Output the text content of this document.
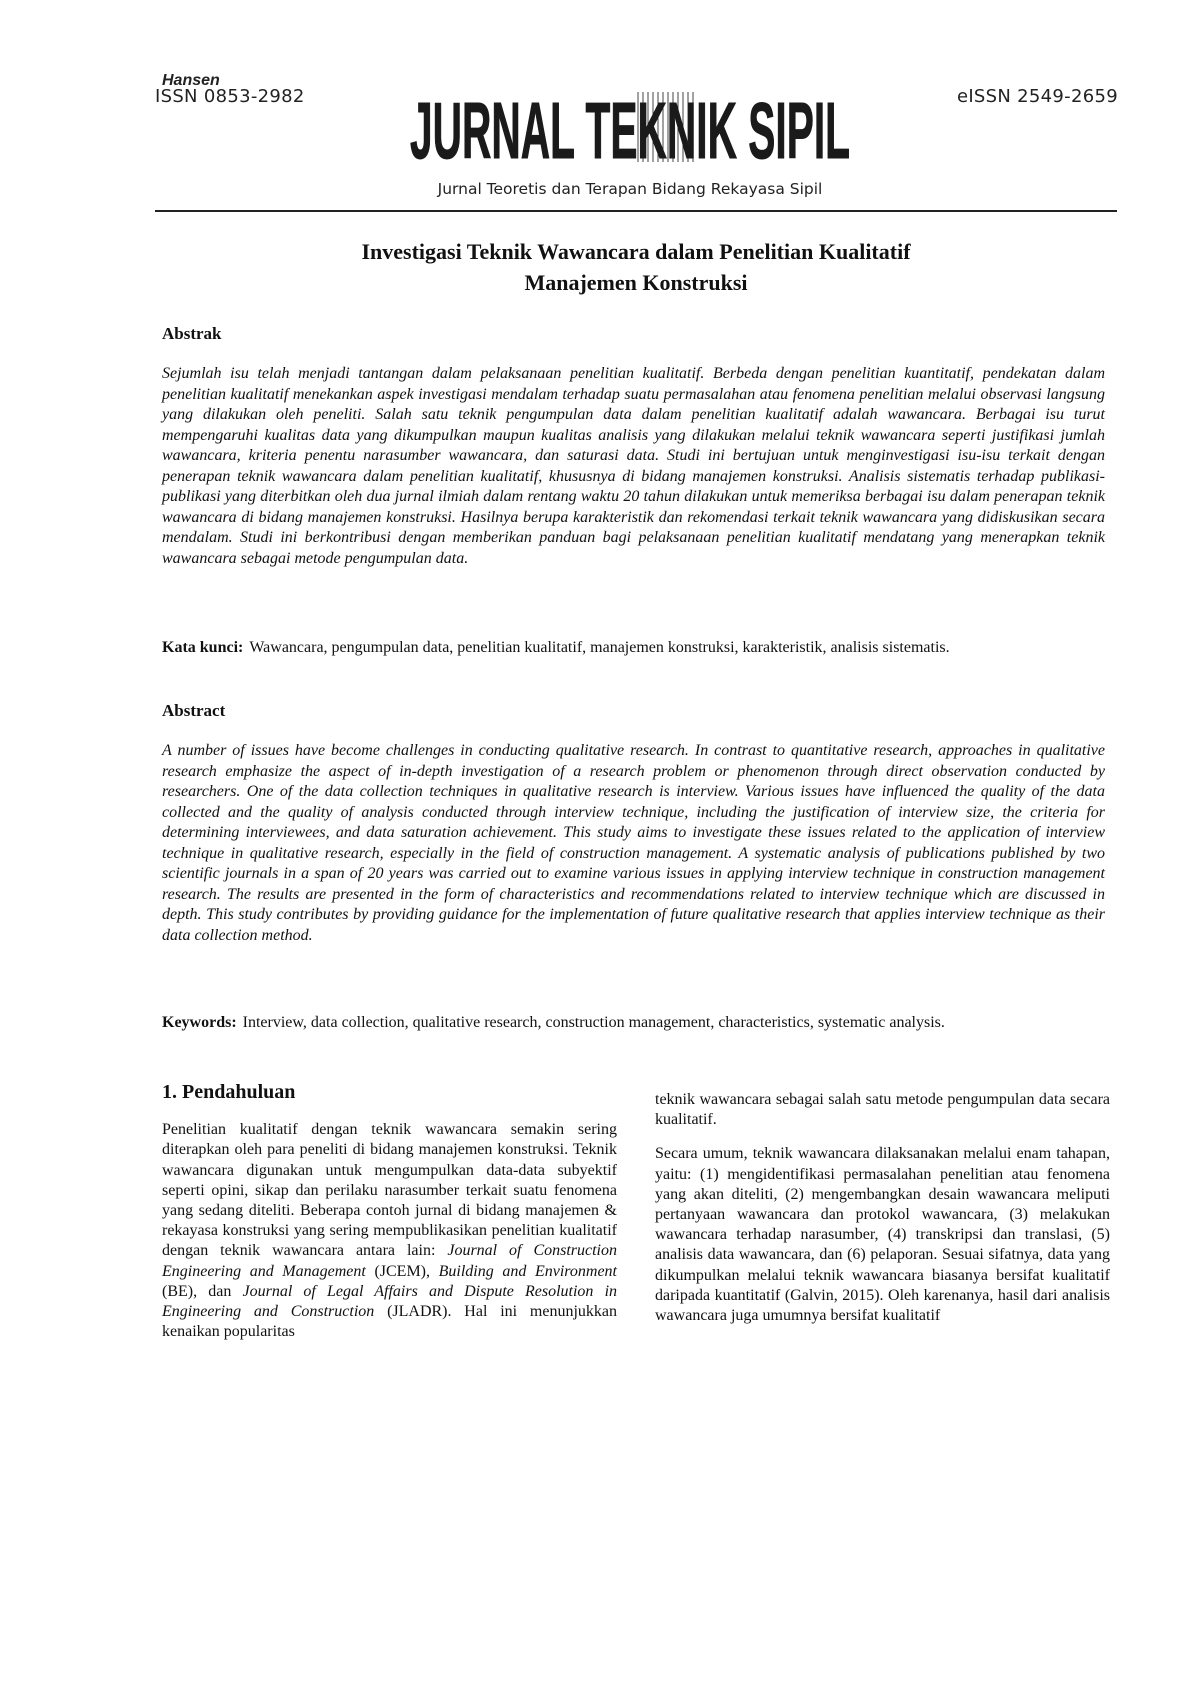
Hansen
ISSN 0853-2982	eISSN 2549-2659
JURNAL TEKNIK SIPIL
Jurnal Teoretis dan Terapan Bidang Rekayasa Sipil
Investigasi Teknik Wawancara dalam Penelitian Kualitatif
Manajemen Konstruksi
Abstrak
Sejumlah isu telah menjadi tantangan dalam pelaksanaan penelitian kualitatif. Berbeda dengan penelitian kuantitatif, pendekatan dalam penelitian kualitatif menekankan aspek investigasi mendalam terhadap suatu permasalahan atau fenomena penelitian melalui observasi langsung yang dilakukan oleh peneliti. Salah satu teknik pengumpulan data dalam penelitian kualitatif adalah wawancara. Berbagai isu turut mempengaruhi kualitas data yang dikumpulkan maupun kualitas analisis yang dilakukan melalui teknik wawancara seperti justifikasi jumlah wawancara, kriteria penentu narasumber wawancara, dan saturasi data. Studi ini bertujuan untuk menginvestigasi isu-isu terkait dengan penerapan teknik wawancara dalam penelitian kualitatif, khususnya di bidang manajemen konstruksi. Analisis sistematis terhadap publikasi-publikasi yang diterbitkan oleh dua jurnal ilmiah dalam rentang waktu 20 tahun dilakukan untuk memeriksa berbagai isu dalam penerapan teknik wawancara di bidang manajemen konstruksi. Hasilnya berupa karakteristik dan rekomendasi terkait teknik wawancara yang didiskusikan secara mendalam. Studi ini berkontribusi dengan memberikan panduan bagi pelaksanaan penelitian kualitatif mendatang yang menerapkan teknik wawancara sebagai metode pengumpulan data.
Kata kunci: Wawancara, pengumpulan data, penelitian kualitatif, manajemen konstruksi, karakteristik, analisis sistematis.
Abstract
A number of issues have become challenges in conducting qualitative research. In contrast to quantitative research, approaches in qualitative research emphasize the aspect of in-depth investigation of a research problem or phenomenon through direct observation conducted by researchers. One of the data collection techniques in qualitative research is interview. Various issues have influenced the quality of the data collected and the quality of analysis conducted through interview technique, including the justification of interview size, the criteria for determining interviewees, and data saturation achievement. This study aims to investigate these issues related to the application of interview technique in qualitative research, especially in the field of construction management. A systematic analysis of publications published by two scientific journals in a span of 20 years was carried out to examine various issues in applying interview technique in construction management research. The results are presented in the form of characteristics and recommendations related to interview technique which are discussed in depth. This study contributes by providing guidance for the implementation of future qualitative research that applies interview technique as their data collection method.
Keywords: Interview, data collection, qualitative research, construction management, characteristics, systematic analysis.
1. Pendahuluan

Penelitian kualitatif dengan teknik wawancara semakin sering diterapkan oleh para peneliti di bidang manajemen konstruksi. Teknik wawancara digunakan untuk mengumpulkan data-data subyektif seperti opini, sikap dan perilaku narasumber terkait suatu fenomena yang sedang diteliti. Beberapa contoh jurnal di bidang manajemen & rekayasa konstruksi yang sering mempublikasikan penelitian kualitatif dengan teknik wawancara antara lain: Journal of Construction Engineering and Management (JCEM), Building and Environment (BE), dan Journal of Legal Affairs and Dispute Resolution in Engineering and Construction (JLADR). Hal ini menunjukkan kenaikan popularitas

teknik wawancara sebagai salah satu metode pengumpulan data secara kualitatif.

Secara umum, teknik wawancara dilaksanakan melalui enam tahapan, yaitu: (1) mengidentifikasi permasalahan penelitian atau fenomena yang akan diteliti, (2) mengembangkan desain wawancara meliputi pertanyaan wawancara dan protokol wawancara, (3) melakukan wawancara terhadap narasumber, (4) transkripsi dan translasi, (5) analisis data wawancara, dan (6) pelaporan. Sesuai sifatnya, data yang dikumpulkan melalui teknik wawancara biasanya bersifat kualitatif daripada kuantitatif (Galvin, 2015). Oleh karenanya, hasil dari analisis wawancara juga umumnya bersifat kualitatif
